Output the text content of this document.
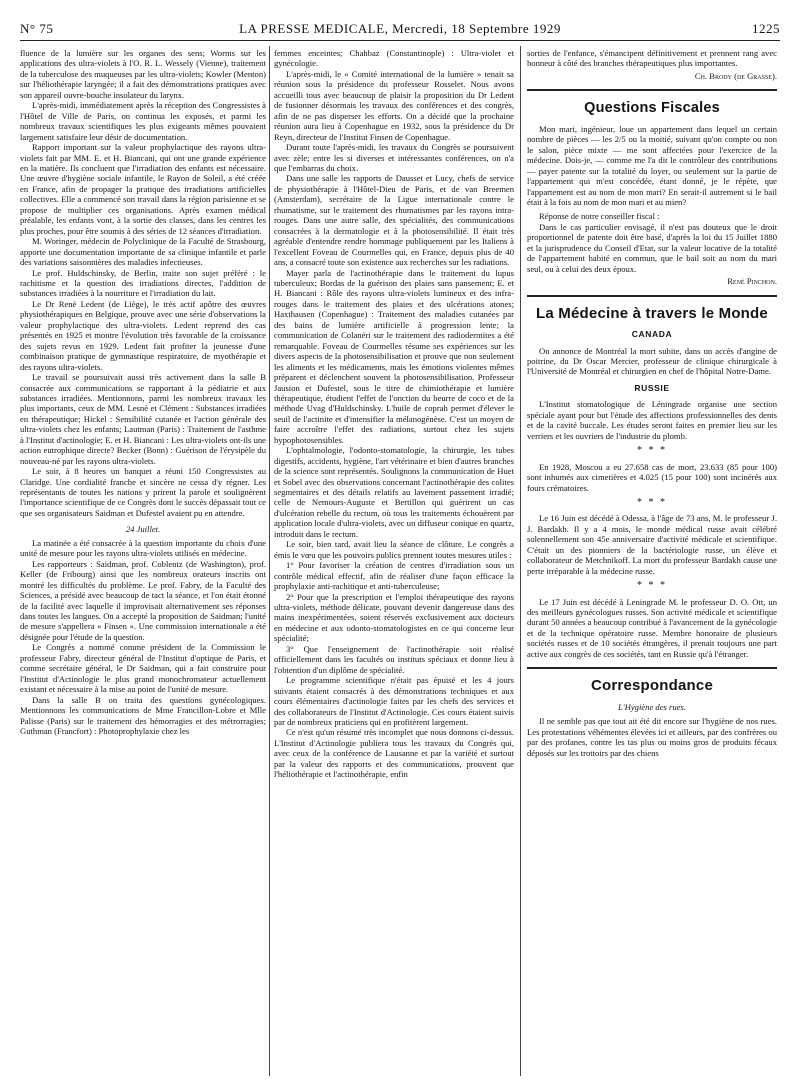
N° 75	LA PRESSE MEDICALE, Mercredi, 18 Septembre 1929	1225

fluence de la lumière sur les organes des sens; Worms sur les applications des ultra-violets à l'O. R. L. Wessely (Vienne), traitement de la tuberculose des muqueuses par les ultra-violets; Kowler (Menton) sur l'héliothérapie laryngée; il a fait des démonstrations pratiques avec son appareil ouvre-bouche insolateur du larynx.

L'après-midi, immédiatement après la réception des Congressistes à l'Hôtel de Ville de Paris, on continua les exposés, et parmi les nombreux travaux scientifiques les plus exigeants mêmes pouvaient largement satisfaire leur désir de documentation.

Rapport important sur la valeur prophylactique des rayons ultra-violets fait par MM. E. et H. Biancani, qui ont une grande expérience en la matière. Ils concluent que l'irradiation des enfants est nécessaire. Une œuvre d'hygiène sociale infantile, le Rayon de Soleil, a été créée en France, afin de propager la pratique des irradiations artificielles collectives. Elle a commencé son travail dans la région parisienne et se propose de multiplier ces organisations. Après examen médical préalable, les enfants vont, à la sortie des classes, dans les centres les plus proches, pour être soumis à des séries de 12 séances d'irradiation.

M. Woringer, médecin de Polyclinique de la Faculté de Strasbourg, apporte une documentation importante de sa clinique infantile et parle des variations saisonnières des maladies infectieuses.

Le prof. Huldschinsky, de Berlin, traite son sujet préféré : le rachitisme et la question des irradiations directes, l'addition de substances irradiées à la nourriture et l'irradiation du lait.

Le Dr René Ledent (de Liège), le très actif apôtre des œuvres physiothérapiques en Belgique, prouve avec une série d'observations la valeur prophylactique des ultra-violets. Ledent reprend des cas présentés en 1925 et montre l'évolution très favorable de la croissance des sujets revus en 1929. Ledent fait profiter la jeunesse d'une combinaison pratique de gymnastique respiratoire, de myothérapie et des rayons ultra-violets.

Le travail se poursuivait aussi très activement dans la salle B consacrée aux communications se rapportant à la pédiatrie et aux substances irradiées. Mentionnons, parmi les nombreux travaux les plus importants, ceux de MM. Lesné et Clément : Substances irradiées en thérapeutique; Hickel : Sensibilité cutanée et l'action générale des ultra-violets chez les enfants; Lautman (Paris) : Traitement de l'asthme à l'Institut d'actinologie; E. et H. Biancani : Les ultra-violets ont-ils une action eutrophique directe? Becker (Bonn) : Guérison de l'érysipèle du nouveau-né par les rayons ultra-violets.

Le soir, à 8 heures un banquet a réuni 150 Congressistes au Claridge. Une cordialité franche et sincère ne cessa d'y régner. Les représentants de toutes les nations y prirent la parole et soulignèrent l'importance scientifique de ce Congrès dont le succès dépassait tout ce que ses organisateurs Saidman et Dufestel avaient pu en attendre.

24 Juillet.

La matinée a été consacrée à la question importante du choix d'une unité de mesure pour les rayons ultra-violets utilisés en médecine.

Les rapporteurs : Saidman, prof. Coblentz (de Washington), prof. Keller (de Fribourg) ainsi que les nombreux orateurs inscrits ont montré les difficultés du problème. Le prof. Fabry, de la Faculté des Sciences, a présidé avec beaucoup de tact la séance, et l'on était étonné de la facilité avec laquelle il improvisait alternativement ses réponses dans toutes les langues. On a accepté la proposition de Saidman; l'unité de mesure s'appellera « Finsen ». Une commission internationale a été désignée pour l'étude de la question.

Le Congrès a nommé comme président de la Commission le professeur Fabry, directeur général de l'Institut d'optique de Paris, et comme secrétaire général, le Dr Saidman, qui a fait construire pour l'Institut d'Actinologie le plus grand monochromateur actuellement existant et nécessaire à la mise au point de l'unité de mesure.

Dans la salle B on traita des questions gynécologiques. Mentionnons les communications de Mme Francillon-Lobre et Mlle Palisse (Paris) sur le traitement des hémorragies et des métrorragies; Guthman (Francfort) : Photoprophylaxie chez les

femmes enceintes; Chahbaz (Constantinople) : Ultra-violet et gynécologie.

L'après-midi, le « Comité international de la lumière » tenait sa réunion sous la présidence du professeur Rosselet. Nous avons accueilli tous avec beaucoup de plaisir la proposition du Dr Ledent de fusionner désormais les travaux des conférences et des congrès, afin de ne pas disperser les efforts. On a décidé que la prochaine réunion aura lieu à Copenhague en 1932, sous la présidence du Dr Reyn, directeur de l'Institut Finsen de Copenhague.

Durant toute l'après-midi, les travaux du Congrès se poursuivent avec zèle; entre les si diverses et intéressantes conférences, on n'a que l'embarras du choix.

Dans une salle les rapports de Dausset et Lucy, chefs de service de physiothérapie à l'Hôtel-Dieu de Paris, et de van Breemen (Amsterdam), secrétaire de la Ligue internationale contre le rhumatisme, sur le traitement des rhumatismes par les rayons intra-rouges. Dans une autre salle, des spécialités, des communications consacrées à la dermatologie et à la photosensibilité. Il était très agréable d'entendre rendre hommage publiquement par les Italiens à l'excellent Foveau de Courmelles qui, en France, depuis plus de 40 ans, a consacré toute son existence aux recherches sur les radiations.

Mayer parla de l'actinothérapie dans le traitement du lupus tuberculeux; Bordas de la guérison des plaies sans pansement; E. et H. Biancani : Rôle des rayons ultra-violets lumineux et des infra-rouges dans le traitement des plaies et des ulcérations atones; Haxthausen (Copenhague) : Traitement des maladies cutanées par des bains de lumière artificielle à progression lente; la communication de Colanéri sur le traitement des radiodermites a été remarquable. Foveau de Courmelles résume ses expériences sur les divers aspects de la photosensibilisation et prouve que non seulement les aliments et les médicaments, mais les émotions violentes mêmes préparent et déclenchent souvent la photosensibilisation. Professeur Jausion et Dufestel, sous le titre de chimiothérapie et lumière thérapeutique, étudient l'effet de l'onction du beurre de coco et de la méthode Uvag d'Huldschinsky. L'huile de coprah permet d'élever le seuil de l'actinite et d'intensifier la mélanogénèse. C'est un moyen de faire accroître l'effet des radiations, surtout chez les sujets hypophotosensibles.

L'ophtalmologie, l'odonto-stomatologie, la chirurgie, les tubes digestifs, accidents, hygiène, l'art vétérinaire et bien d'autres branches de la science sont représentés. Soulignons la communication de Huet et Sobel avec des observations concernant l'actinothérapie des colites segmentaires et des détails relatifs au lavement passement irradié; celle de Nemours-Auguste et Bertillon qui guérirent un cas d'ulcération rebelle du rectum, où tous les traitements échouèrent par application locale d'ultra-violets, avec un diffuseur conique en quartz, introduit dans le rectum.

Le soir, bien tard, avait lieu la séance de clôture. Le congrès a émis le vœu que les pouvoirs publics prennent toutes mesures utiles :

1° Pour favoriser la création de centres d'irradiation sous un contrôle médical effectif, afin de réaliser d'une façon efficace la prophylaxie anti-rachitique et anti-tuberculeuse;

2° Pour que la prescription et l'emploi thérapeutique des rayons ultra-violets, méthode délicate, pouvant devenir dangereuse dans des mains inexpérimentées, soient réservés exclusivement aux docteurs en médecine et aux odonto-stomatologistes en ce qui concerne leur spécialité;

3° Que l'enseignement de l'actinothérapie soit réalisé officiellement dans les facultés ou instituts spéciaux et donne lieu à l'obtention d'un diplôme de spécialité.

Le programme scientifique n'était pas épuisé et les 4 jours suivants étaient consacrés à des démonstrations techniques et aux cours élémentaires d'actinologie faites par les chefs des services et des collaborateurs de l'Institut d'Actinologie. Ces cours étaient suivis par de nombreux praticiens qui en profitèrent largement.

Ce n'est qu'un résumé très incomplet que nous donnons ci-dessus. L'Institut d'Actinologie publiera tous les travaux du Congrès qui, avec ceux de la conférence de Lausanne et par la variété et surtout par la valeur des rapports et des communications, prouvent que l'héliothérapie et l'actinothérapie, enfin

sorties de l'enfance, s'émancipent définitivement et prennent rang avec honneur à côté des branches thérapeutiques plus importantes.

Ch. Brody (de Grasse).
Questions Fiscales

Mon mari, ingénieur, loue un appartement dans lequel un certain nombre de pièces — les 2/5 ou la moitié, suivant qu'on compte ou non le salon, pièce mixte — me sont affectées pour l'exercice de la médecine. Dois-je, — comme me l'a dit le contrôleur des contributions — payer patente sur la totalité du loyer, ou seulement sur la partie de l'appartement qui m'est concédée, étant donné, je le répète, que l'appartement est au nom de mon mari? En serait-il autrement si le bail était à la fois au nom de mon mari et au mien?

Réponse de notre conseiller fiscal :

Dans le cas particulier envisagé, il n'est pas douteux que le droit proportionnel de patente doit être basé, d'après la loi du 15 Juillet 1880 et la jurisprudence du Conseil d'Etat, sur la valeur locative de la totalité de l'appartement habité en commun, que le bail soit au nom du mari seul, ou à celui des deux époux.

René Pinchon.
La Médecine à travers le Monde
CANADA

On annonce de Montréal la mort subite, dans un accès d'angine de poitrine, du Dr Oscar Mercier, professeur de clinique chirurgicale à l'Université de Montréal et chirurgien en chef de l'hôpital Notre-Dame.

RUSSIE

L'Institut stomatologique de Léningrade organise une section spéciale ayant pour but l'étude des affections professionnelles des dents et de la cavité buccale. Les études seront faites en premier lieu sur les verriers et les ouvriers de l'industrie du plomb.

* * *

En 1928, Moscou a eu 27.658 cas de mort, 23.633 (85 pour 100) sont inhumés aux cimetières et 4.025 (15 pour 100) sont incinérés aux fours crématoires.

* * *

Le 16 Juin est décédé à Odessa, à l'âge de 73 ans, M. le professeur J. J. Bardakh. Il y a 4 mois, le monde médical russe avait célébré solennellement son 45e anniversaire d'activité médicale et scientifique. C'était un des pionniers de la bactériologie russe, un élève et collaborateur de Metchnikoff. La mort du professeur Bardakh cause une perte irréparable à la médecine russe.

* * *

Le 17 Juin est décédé à Leningrade M. le professeur D. O. Ott, un des meilleurs gynécologues russes. Son activité médicale et scientifique durant 50 années a beaucoup contribué à l'avancement de la gynécologie et de la technique opératoire russe. Membre honoraire de plusieurs sociétés russes et de 10 sociétés étrangères, il prenait toujours une part active aux congrès de ces sociétés, tant en Russie qu'à l'étranger.

Correspondance
L'Hygiène des rues.

Il ne semble pas que tout ait été dit encore sur l'hygiène de nos rues. Les protestations véhémentes élevées ici et ailleurs, par des confrères ou par des profanes, contre les tas plus ou moins gros de produits fécaux déposés sur les trottoirs par des chiens
